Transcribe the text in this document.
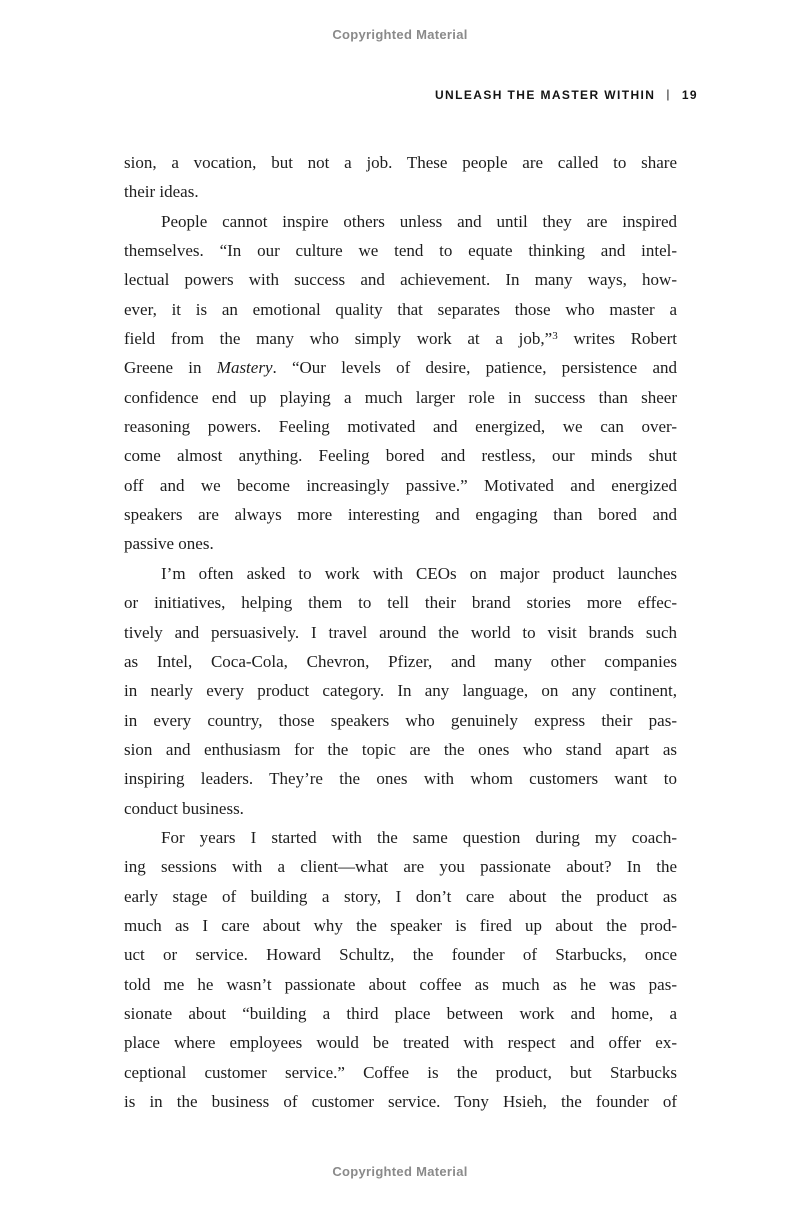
Copyrighted Material
UNLEASH THE MASTER WITHIN | 19
sion, a vocation, but not a job. These people are called to share
their ideas.
People cannot inspire others unless and until they are inspired
themselves. “In our culture we tend to equate thinking and intel-
lectual powers with success and achievement. In many ways, how-
ever, it is an emotional quality that separates those who master a
field from the many who simply work at a job,”$^3$ writes Robert
Greene in Mastery. “Our levels of desire, patience, persistence and
confidence end up playing a much larger role in success than sheer
reasoning powers. Feeling motivated and energized, we can over-
come almost anything. Feeling bored and restless, our minds shut
off and we become increasingly passive.” Motivated and energized
speakers are always more interesting and engaging than bored and
passive ones.
I’m often asked to work with CEOs on major product launches
or initiatives, helping them to tell their brand stories more effec-
tively and persuasively. I travel around the world to visit brands such
as Intel, Coca-Cola, Chevron, Pfizer, and many other companies
in nearly every product category. In any language, on any continent,
in every country, those speakers who genuinely express their pas-
sion and enthusiasm for the topic are the ones who stand apart as
inspiring leaders. They’re the ones with whom customers want to
conduct business.
For years I started with the same question during my coach-
ing sessions with a client—what are you passionate about? In the
early stage of building a story, I don’t care about the product as
much as I care about why the speaker is fired up about the prod-
uct or service. Howard Schultz, the founder of Starbucks, once
told me he wasn’t passionate about coffee as much as he was pas-
sionate about “building a third place between work and home, a
place where employees would be treated with respect and offer ex-
ceptional customer service.” Coffee is the product, but Starbucks
is in the business of customer service. Tony Hsieh, the founder of
Copyrighted Material
